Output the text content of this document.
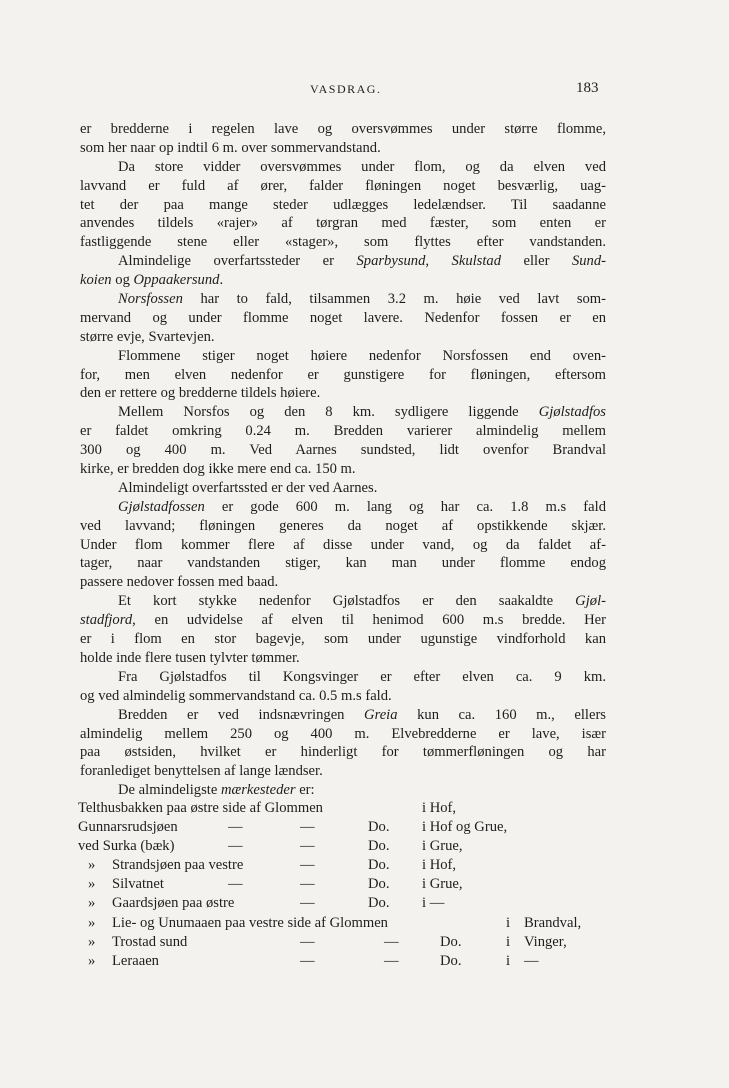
VASDRAG.	183
er bredderne i regelen lave og oversvømmes under større flomme,
som her naar op indtil 6 m. over sommervandstand.
Da store vidder oversvømmes under flom, og da elven ved
lavvand er fuld af ører, falder fløningen noget besværlig, uag-
tet der paa mange steder udlægges ledelændser. Til saadanne
anvendes tildels «rajer» af tørgran med fæster, som enten er
fastliggende stene eller «stager», som flyttes efter vandstanden.
Almindelige overfartssteder er Sparbysund, Skulstad eller Sund-
koien og Oppaakersund.
Norsfossen har to fald, tilsammen 3.2 m. høie ved lavt som-
mervand og under flomme noget lavere. Nedenfor fossen er en
større evje, Svartevjen.
Flommene stiger noget høiere nedenfor Norsfossen end oven-
for, men elven nedenfor er gunstigere for fløningen, eftersom
den er rettere og bredderne tildels høiere.
Mellem Norsfos og den 8 km. sydligere liggende Gjølstadfos
er faldet omkring 0.24 m. Bredden varierer almindelig mellem
300 og 400 m. Ved Aarnes sundsted, lidt ovenfor Brandval
kirke, er bredden dog ikke mere end ca. 150 m.
Almindeligt overfartssted er der ved Aarnes.
Gjølstadfossen er gode 600 m. lang og har ca. 1.8 m.s fald
ved lavvand; fløningen generes da noget af opstikkende skjær.
Under flom kommer flere af disse under vand, og da faldet af-
tager, naar vandstanden stiger, kan man under flomme endog
passere nedover fossen med baad.
Et kort stykke nedenfor Gjølstadfos er den saakaldte Gjøl-
stadfjord, en udvidelse af elven til henimod 600 m.s bredde. Her
er i flom en stor bagevje, som under ugunstige vindforhold kan
holde inde flere tusen tylvter tømmer.
Fra Gjølstadfos til Kongsvinger er efter elven ca. 9 km.
og ved almindelig sommervandstand ca. 0.5 m.s fald.
Bredden er ved indsnævringen Greia kun ca. 160 m., ellers
almindelig mellem 250 og 400 m. Elvebredderne er lave, især
paa østsiden, hvilket er hinderligt for tømmerfløningen og har
foranlediget benyttelsen af lange lændser.
De almindeligste mærkesteder er:
Telthusbakken paa østre side af Glommen	i Hof,
Gunnarsrudsjøen	—	—	Do. i Hof og Grue,
ved Surka (bæk)	—	—	Do. i Grue,
» Strandsjøen paa vestre	—	Do. i Hof,
» Silvatnet	—	—	Do. i Grue,
» Gaardsjøen paa østre	—	Do. i —
» Lie- og Unumaaen paa vestre side af Glommen	i Brandval,
» Trostad sund	—	—	Do.	i Vinger,
» Leraaen	—	—	Do.	i —
